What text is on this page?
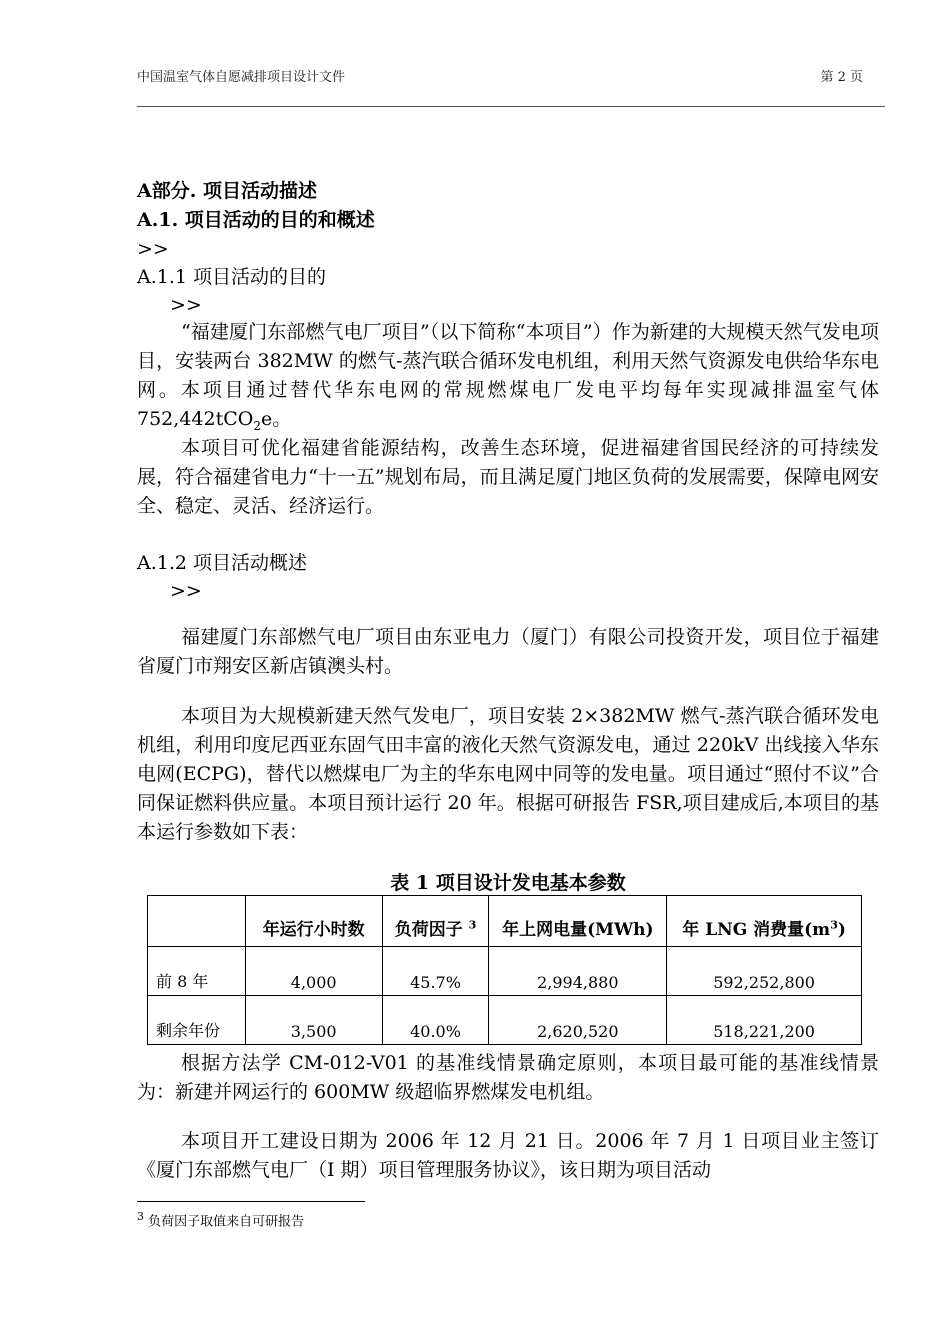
中国温室气体自愿减排项目设计文件	第 2 页
A部分. 项目活动描述
A.1. 项目活动的目的和概述
>>
A.1.1 项目活动的目的
>>
“福建厦门东部燃气电厂项目”（以下简称“本项目”）作为新建的大规模天然气发电项目，安装两台 382MW 的燃气-蒸汽联合循环发电机组，利用天然气资源发电供给华东电网。本项目通过替代华东电网的常规燃煤电厂发电平均每年实现减排温室气体 752,442tCO$_2$e。
本项目可优化福建省能源结构，改善生态环境，促进福建省国民经济的可持续发展，符合福建省电力“十一五”规划布局，而且满足厦门地区负荷的发展需要，保障电网安全、稳定、灵活、经济运行。
A.1.2 项目活动概述
>>
福建厦门东部燃气电厂项目由东亚电力（厦门）有限公司投资开发，项目位于福建省厦门市翔安区新店镇澳头村。
本项目为大规模新建天然气发电厂，项目安装 2×382MW 燃气-蒸汽联合循环发电机组，利用印度尼西亚东固气田丰富的液化天然气资源发电，通过 220kV 出线接入华东电网(ECPG)，替代以燃煤电厂为主的华东电网中同等的发电量。项目通过“照付不议”合同保证燃料供应量。本项目预计运行 20 年。根据可研报告 FSR,项目建成后,本项目的基本运行参数如下表：
表 1 项目设计发电基本参数
	年运行小时数	负荷因子 $^3$	年上网电量(MWh)	年 LNG 消费量$(m^3)$
前 8 年	4,000	45.7%	2,994,880	592,252,800
剩余年份	3,500	40.0%	2,620,520	518,221,200
根据方法学 CM-012-V01 的基准线情景确定原则，本项目最可能的基准线情景为：新建并网运行的 600MW 级超临界燃煤发电机组。
本项目开工建设日期为 2006 年 12 月 21 日。2006 年 7 月 1 日项目业主签订《厦门东部燃气电厂（I 期）项目管理服务协议》，该日期为项目活动
$^3$ 负荷因子取值来自可研报告
